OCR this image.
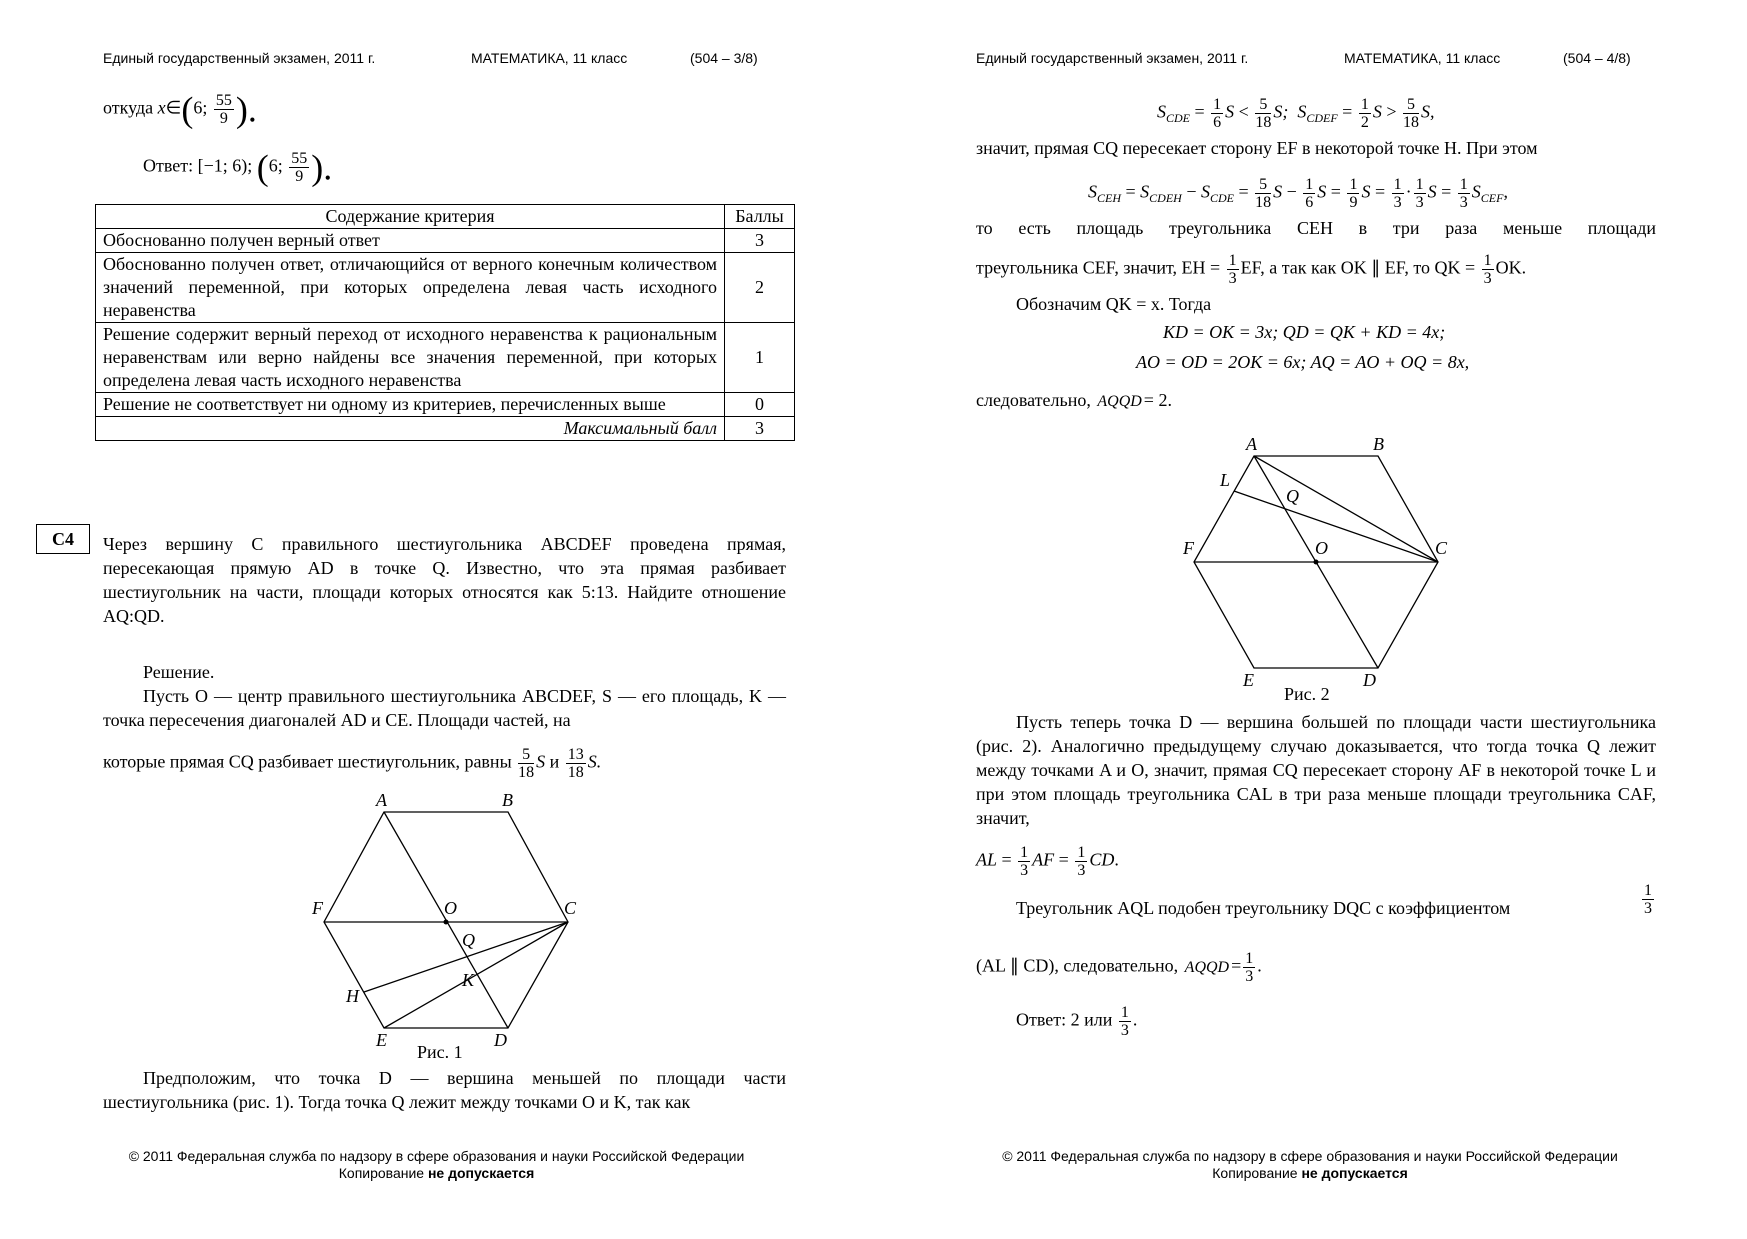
Единый государственный экзамен, 2011 г.	МАТЕМАТИКА, 11 класс	(504 – 3/8)
откуда x∈(6; $\frac{55}{9}$ ).
Ответ: [−1; 6); (6; $\frac{55}{9}$ ).
Содержание критерия	Баллы
Обоснованно получен верный ответ	3
Обоснованно получен ответ, отличающийся от верного конечным количеством значений переменной, при которых определена левая часть исходного неравенства	2
Решение содержит верный переход от исходного неравенства к рациональным неравенствам или верно найдены все значения переменной, при которых определена левая часть исходного неравенства	1
Решение не соответствует ни одному из критериев, перечисленных выше	0
Максимальный балл	3
С4	Через вершину C правильного шестиугольника ABCDEF проведена прямая, пересекающая прямую AD в точке Q. Известно, что эта прямая разбивает шестиугольник на части, площади которых относятся как 5:13. Найдите отношение AQ:QD.
Решение.
Пусть O — центр правильного шестиугольника ABCDEF, S — его площадь, K — точка пересечения диагоналей AD и CE. Площади частей, на
которые прямая CQ разбивает шестиугольник, равны $\frac{5}{18}$ S и $\frac{13}{18} S$.
A	B
C
D
E
F	O
Q
K
H
Рис. 1
Предположим, что точка D — вершина меньшей по площади части шестиугольника (рис. 1). Тогда точка Q лежит между точками O и K, так как
© 2011 Федеральная служба по надзору в сфере образования и науки Российской Федерации
Копирование не допускается
Единый государственный экзамен, 2011 г.	МАТЕМАТИКА, 11 класс	(504 – 4/8)
$S_{CDE} = \frac{1}{6}$ $S < \frac{5}{18} S$; $S_{CDEF} = \frac{1}{2}$ $S > \frac{5}{18} S$,
значит, прямая CQ пересекает сторону EF в некоторой точке H. При этом
$S_{CEH} = S_{CDEH} - S_{CDE} = \frac{5}{18}$ $S - \frac{1}{6}$ $S = \frac{1}{9}$ $S = \frac{1}{3} \cdot \frac{1}{3}$ $S = \frac{1}{3} S_{CEF}$,
то есть площадь треугольника CEH в три раза меньше площади
треугольника CEF, значит, EH = $\frac{1}{3}$ EF, а так как OK ∥ EF, то QK = $\frac{1}{3}$ OK.
Обозначим QK = x. Тогда
KD = OK = 3x; QD = QK + KD = 4x;
AO = OD = 2OK = 6x; AQ = AO + OQ = 8x,
следовательно, AQQD = 2.
A	B
C
D
E
F	O
Q
L
Рис. 2
Пусть теперь точка D — вершина большей по площади части шестиугольника (рис. 2). Аналогично предыдущему случаю доказывается, что тогда точка Q лежит между точками A и O, значит, прямая CQ пересекает сторону AF в некоторой точке L и при этом площадь треугольника CAL в три раза меньше площади треугольника CAF, значит,
AL = $\frac{1}{3}$ AF = $\frac{1}{3}$ CD.
Треугольник AQL подобен треугольнику DQC с коэффициентом
1
3
(AL ∥ CD), следовательно, AQQD = $\frac{1}{3}$ .
Ответ: 2 или $\frac{1}{3}$ .
© 2011 Федеральная служба по надзору в сфере образования и науки Российской Федерации
Копирование не допускается
